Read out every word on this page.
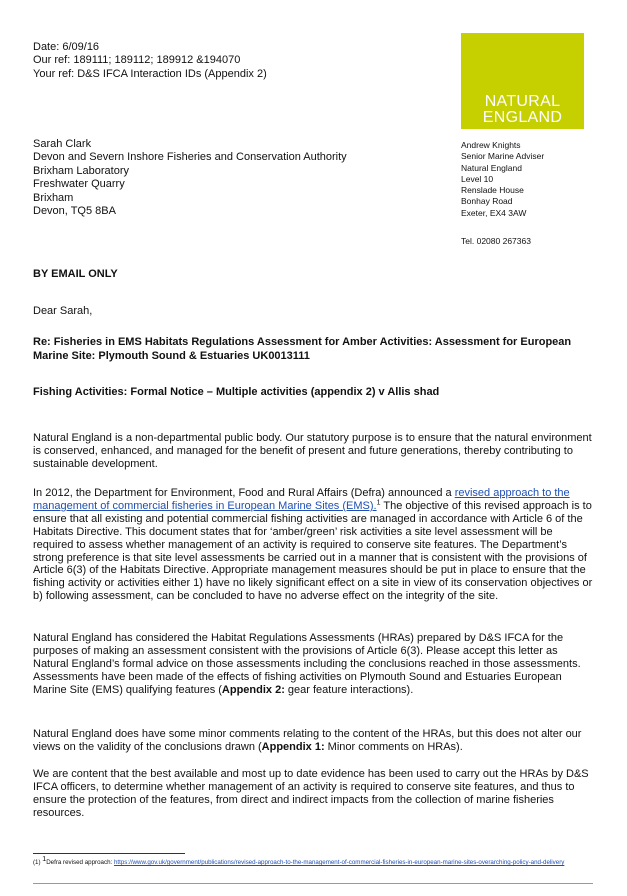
Date: 6/09/16
Our ref: 189111; 189112; 189912 &194070
Your ref: D&S IFCA Interaction IDs (Appendix 2)
NATURAL
ENGLAND
Sarah Clark
Devon and Severn Inshore Fisheries and Conservation Authority
Brixham Laboratory
Freshwater Quarry
Brixham
Devon, TQ5 8BA
Andrew Knights
Senior Marine Adviser
Natural England
Level 10
Renslade House
Bonhay Road
Exeter, EX4 3AW
Tel. 02080 267363
BY EMAIL ONLY
Dear Sarah,
Re: Fisheries in EMS Habitats Regulations Assessment for Amber Activities: Assessment for European Marine Site: Plymouth Sound & Estuaries UK0013111
Fishing Activities: Formal Notice – Multiple activities (appendix 2) v Allis shad

Natural England is a non-departmental public body. Our statutory purpose is to ensure that the natural environment is conserved, enhanced, and managed for the benefit of present and future generations, thereby contributing to sustainable development.

In 2012, the Department for Environment, Food and Rural Affairs (Defra) announced a revised approach to the management of commercial fisheries in European Marine Sites (EMS).$^1$ The objective of this revised approach is to ensure that all existing and potential commercial fishing activities are managed in accordance with Article 6 of the Habitats Directive. This document states that for ‘amber/green’ risk activities a site level assessment will be required to assess whether management of an activity is required to conserve site features. The Department’s strong preference is that site level assessments be carried out in a manner that is consistent with the provisions of Article 6(3) of the Habitats Directive. Appropriate management measures should be put in place to ensure that the fishing activity or activities either 1) have no likely significant effect on a site in view of its conservation objectives or b) following assessment, can be concluded to have no adverse effect on the integrity of the site.

Natural England has considered the Habitat Regulations Assessments (HRAs) prepared by D&S IFCA for the purposes of making an assessment consistent with the provisions of Article 6(3). Please accept this letter as Natural England’s formal advice on those assessments including the conclusions reached in those assessments. Assessments have been made of the effects of fishing activities on Plymouth Sound and Estuaries European Marine Site (EMS) qualifying features (Appendix 2: gear feature interactions).

Natural England does have some minor comments relating to the content of the HRAs, but this does not alter our views on the validity of the conclusions drawn (Appendix 1: Minor comments on HRAs).

We are content that the best available and most up to date evidence has been used to carry out the HRAs by D&S IFCA officers, to determine whether management of an activity is required to conserve site features, and thus to ensure the protection of the features, from direct and indirect impacts from the collection of marine fisheries resources.

(1) $^1$Defra revised approach: https://www.gov.uk/government/publications/revised-approach-to-the-management-of-commercial-fisheries-in-european-marine-sites-overarching-policy-and-delivery
